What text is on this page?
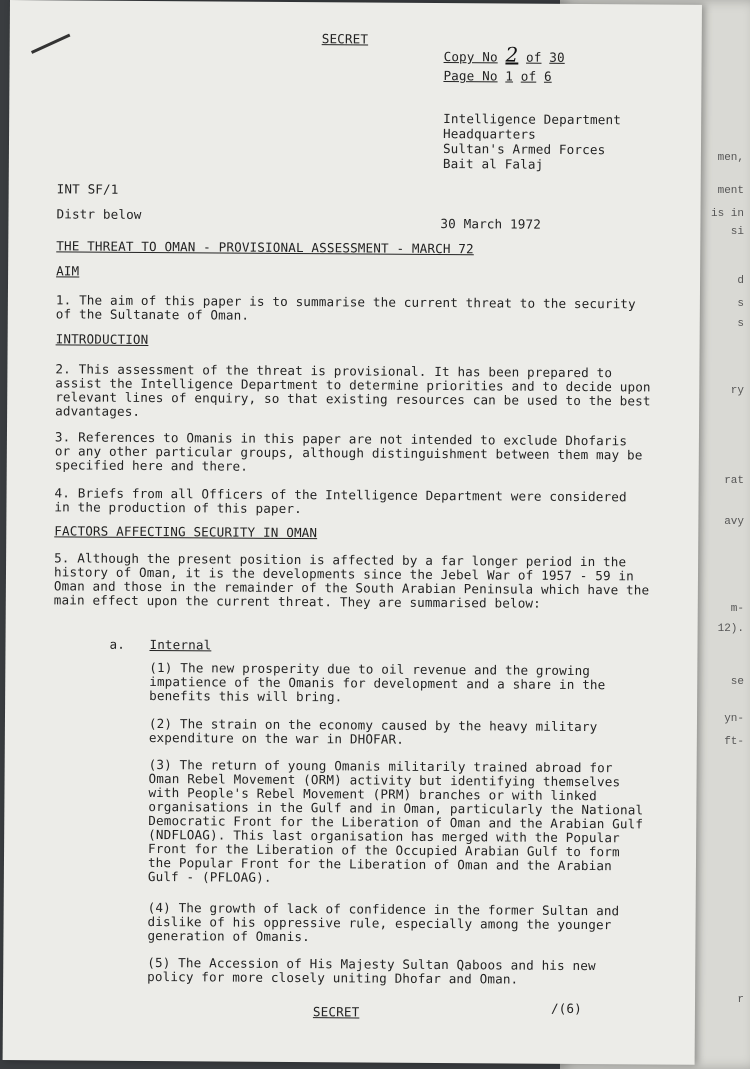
men,
ment
is in
si
d
s
s
ry
rat
avy
m-
12).
se
yn-
ft-
r
SECRET
Copy No 2 of 30
Page No 1 of 6
Intelligence Department
Headquarters
Sultan's Armed Forces
Bait al Falaj
INT SF/1
Distr below
30 March 1972
THE THREAT TO OMAN - PROVISIONAL ASSESSMENT - MARCH 72
AIM

1. The aim of this paper is to summarise the current threat to the security of the Sultanate of Oman.

INTRODUCTION

2. This assessment of the threat is provisional. It has been prepared to assist the Intelligence Department to determine priorities and to decide upon relevant lines of enquiry, so that existing resources can be used to the best advantages.

3. References to Omanis in this paper are not intended to exclude Dhofaris or any other particular groups, although distinguishment between them may be specified here and there.

4. Briefs from all Officers of the Intelligence Department were considered in the production of this paper.

FACTORS AFFECTING SECURITY IN OMAN

5. Although the present position is affected by a far longer period in the history of Oman, it is the developments since the Jebel War of 1957 - 59 in Oman and those in the remainder of the South Arabian Peninsula which have the main effect upon the current threat. They are summarised below:

a. Internal

(1) The new prosperity due to oil revenue and the growing impatience of the Omanis for development and a share in the benefits this will bring.

(2) The strain on the economy caused by the heavy military expenditure on the war in DHOFAR.

(3) The return of young Omanis militarily trained abroad for Oman Rebel Movement (ORM) activity but identifying themselves with People's Rebel Movement (PRM) branches or with linked organisations in the Gulf and in Oman, particularly the National Democratic Front for the Liberation of Oman and the Arabian Gulf (NDFLOAG). This last organisation has merged with the Popular Front for the Liberation of the Occupied Arabian Gulf to form the Popular Front for the Liberation of Oman and the Arabian Gulf - (PFLOAG).

(4) The growth of lack of confidence in the former Sultan and dislike of his oppressive rule, especially among the younger generation of Omanis.

(5) The Accession of His Majesty Sultan Qaboos and his new policy for more closely uniting Dhofar and Oman.

SECRET	/(6)
